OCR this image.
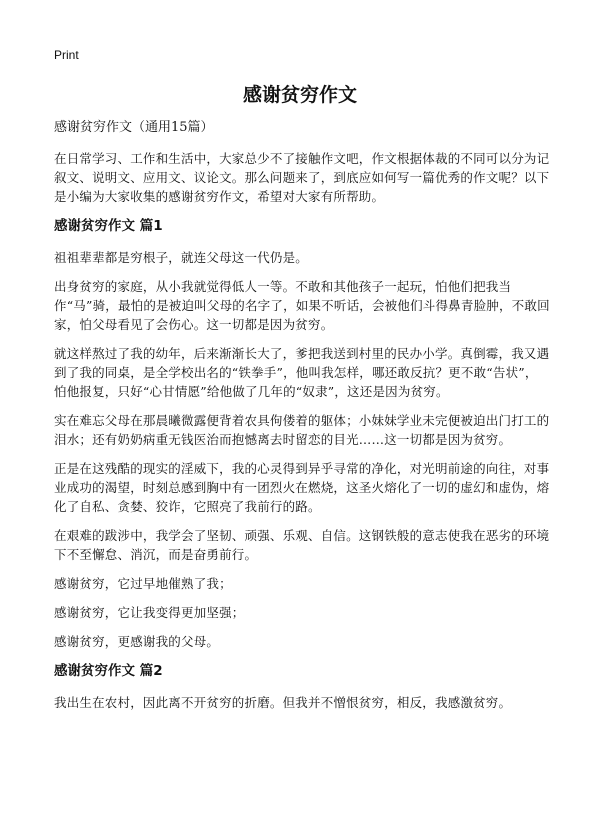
Print
感谢贫穷作文

感谢贫穷作文（通用15篇）

在日常学习、工作和生活中，大家总少不了接触作文吧，作文根据体裁的不同可以分为记叙文、说明文、应用文、议论文。那么问题来了，到底应如何写一篇优秀的作文呢？以下是小编为大家收集的感谢贫穷作文，希望对大家有所帮助。

感谢贫穷作文 篇1

祖祖辈辈都是穷根子，就连父母这一代仍是。

出身贫穷的家庭，从小我就觉得低人一等。不敢和其他孩子一起玩，怕他们把我当作“马”骑，最怕的是被迫叫父母的名字了，如果不听话，会被他们斗得鼻青脸肿，不敢回家，怕父母看见了会伤心。这一切都是因为贫穷。

就这样熬过了我的幼年，后来渐渐长大了，爹把我送到村里的民办小学。真倒霉，我又遇到了我的同桌，是全学校出名的“铁拳手”，他叫我怎样，哪还敢反抗？更不敢“告状”，怕他报复，只好“心甘情愿”给他做了几年的“奴隶”，这还是因为贫穷。

实在难忘父母在那晨曦微露便背着农具佝偻着的躯体；小妹妹学业未完便被迫出门打工的泪水；还有奶奶病重无钱医治而抱憾离去时留恋的目光……这一切都是因为贫穷。

正是在这残酷的现实的淫威下，我的心灵得到异乎寻常的净化，对光明前途的向往，对事业成功的渴望，时刻总感到胸中有一团烈火在燃烧，这圣火熔化了一切的虚幻和虚伪，熔化了自私、贪婪、狡诈，它照亮了我前行的路。

在艰难的跋涉中，我学会了坚韧、顽强、乐观、自信。这钢铁般的意志使我在恶劣的环境下不至懈怠、消沉，而是奋勇前行。

感谢贫穷，它过早地催熟了我；

感谢贫穷，它让我变得更加坚强；

感谢贫穷，更感谢我的父母。

感谢贫穷作文 篇2

我出生在农村，因此离不开贫穷的折磨。但我并不憎恨贫穷，相反，我感激贫穷。
